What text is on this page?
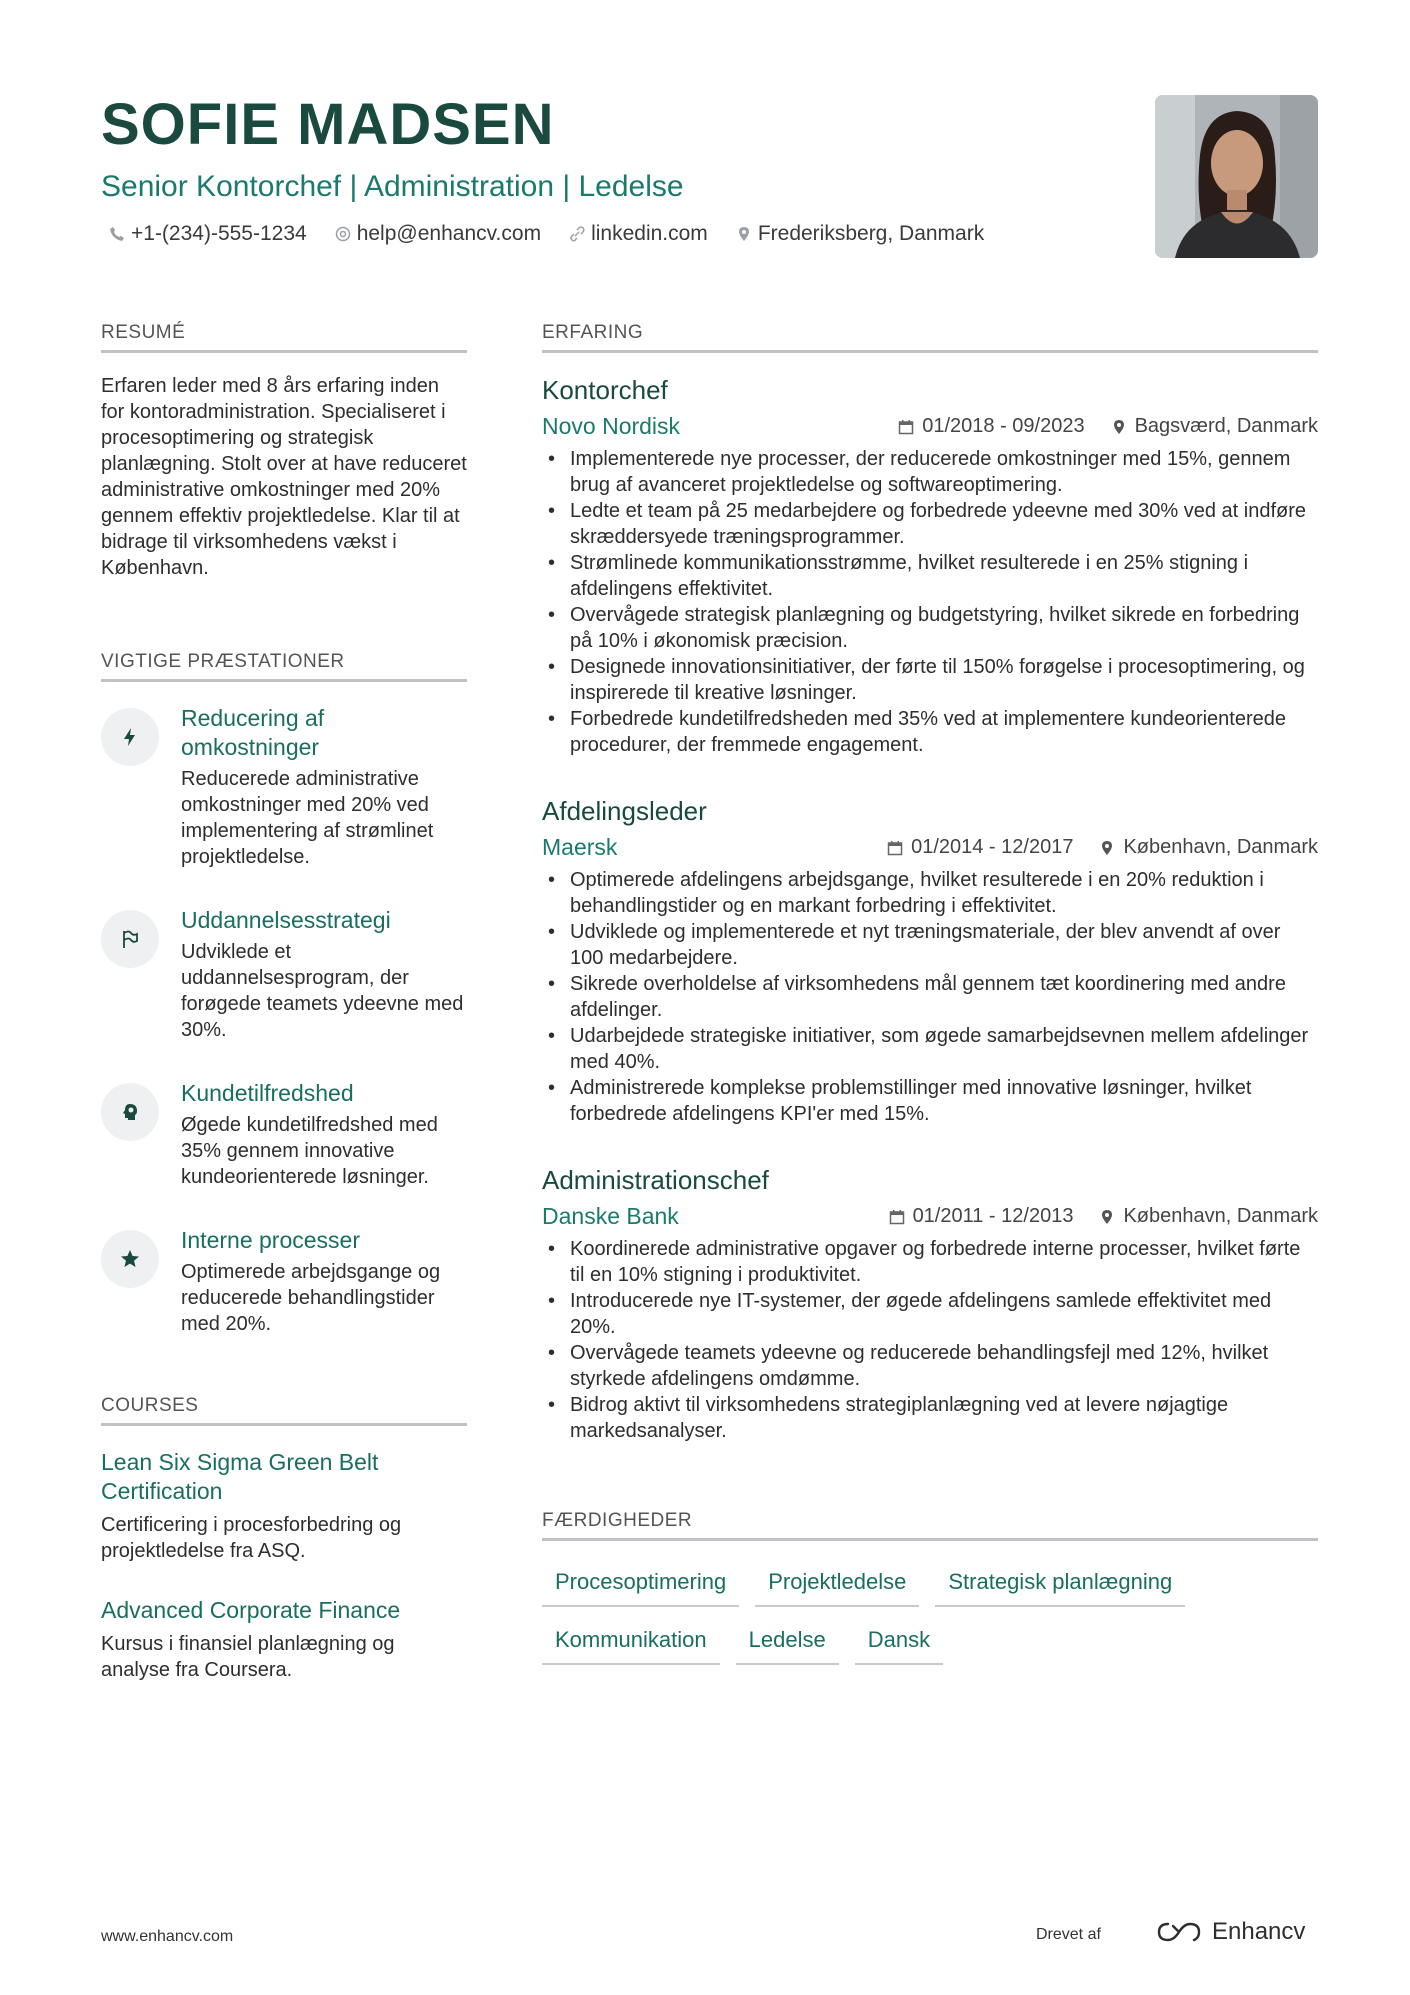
SOFIE MADSEN
Senior Kontorchef | Administration | Ledelse
+1-(234)-555-1234 help@enhancv.com linkedin.com Frederiksberg, Danmark
RESUMÉ

Erfaren leder med 8 års erfaring inden for kontoradministration. Specialiseret i procesoptimering og strategisk planlægning. Stolt over at have reduceret administrative omkostninger med 20% gennem effektiv projektledelse. Klar til at bidrage til virksomhedens vækst i København.

VIGTIGE PRÆSTATIONER
Reducering af omkostninger
Reducerede administrative omkostninger med 20% ved implementering af strømlinet projektledelse.
Uddannelsesstrategi
Udviklede et uddannelsesprogram, der forøgede teamets ydeevne med 30%.
Kundetilfredshed
Øgede kundetilfredshed med 35% gennem innovative kundeorienterede løsninger.
Interne processer
Optimerede arbejdsgange og reducerede behandlingstider med 20%.
COURSES
Lean Six Sigma Green Belt Certification
Certificering i procesforbedring og projektledelse fra ASQ.
Advanced Corporate Finance
Kursus i finansiel planlægning og analyse fra Coursera.
ERFARING
Kontorchef
Novo Nordisk	01/2018 - 09/2023	Bagsværd, Danmark
• Implementerede nye processer, der reducerede omkostninger med 15%, gennem brug af avanceret projektledelse og softwareoptimering.
• Ledte et team på 25 medarbejdere og forbedrede ydeevne med 30% ved at indføre skræddersyede træningsprogrammer.
• Strømlinede kommunikationsstrømme, hvilket resulterede i en 25% stigning i afdelingens effektivitet.
• Overvågede strategisk planlægning og budgetstyring, hvilket sikrede en forbedring på 10% i økonomisk præcision.
• Designede innovationsinitiativer, der førte til 150% forøgelse i procesoptimering, og inspirerede til kreative løsninger.
• Forbedrede kundetilfredsheden med 35% ved at implementere kundeorienterede procedurer, der fremmede engagement.
Afdelingsleder
Maersk	01/2014 - 12/2017	København, Danmark
• Optimerede afdelingens arbejdsgange, hvilket resulterede i en 20% reduktion i behandlingstider og en markant forbedring i effektivitet.
• Udviklede og implementerede et nyt træningsmateriale, der blev anvendt af over 100 medarbejdere.
• Sikrede overholdelse af virksomhedens mål gennem tæt koordinering med andre afdelinger.
• Udarbejdede strategiske initiativer, som øgede samarbejdsevnen mellem afdelinger med 40%.
• Administrerede komplekse problemstillinger med innovative løsninger, hvilket forbedrede afdelingens KPI'er med 15%.
Administrationschef
Danske Bank	01/2011 - 12/2013	København, Danmark
• Koordinerede administrative opgaver og forbedrede interne processer, hvilket førte til en 10% stigning i produktivitet.
• Introducerede nye IT-systemer, der øgede afdelingens samlede effektivitet med 20%.
• Overvågede teamets ydeevne og reducerede behandlingsfejl med 12%, hvilket styrkede afdelingens omdømme.
• Bidrog aktivt til virksomhedens strategiplanlægning ved at levere nøjagtige markedsanalyser.
FÆRDIGHEDER
Procesoptimering	Projektledelse	Strategisk planlægning
Kommunikation	Ledelse	Dansk
www.enhancv.com	Drevet af	Enhancv
